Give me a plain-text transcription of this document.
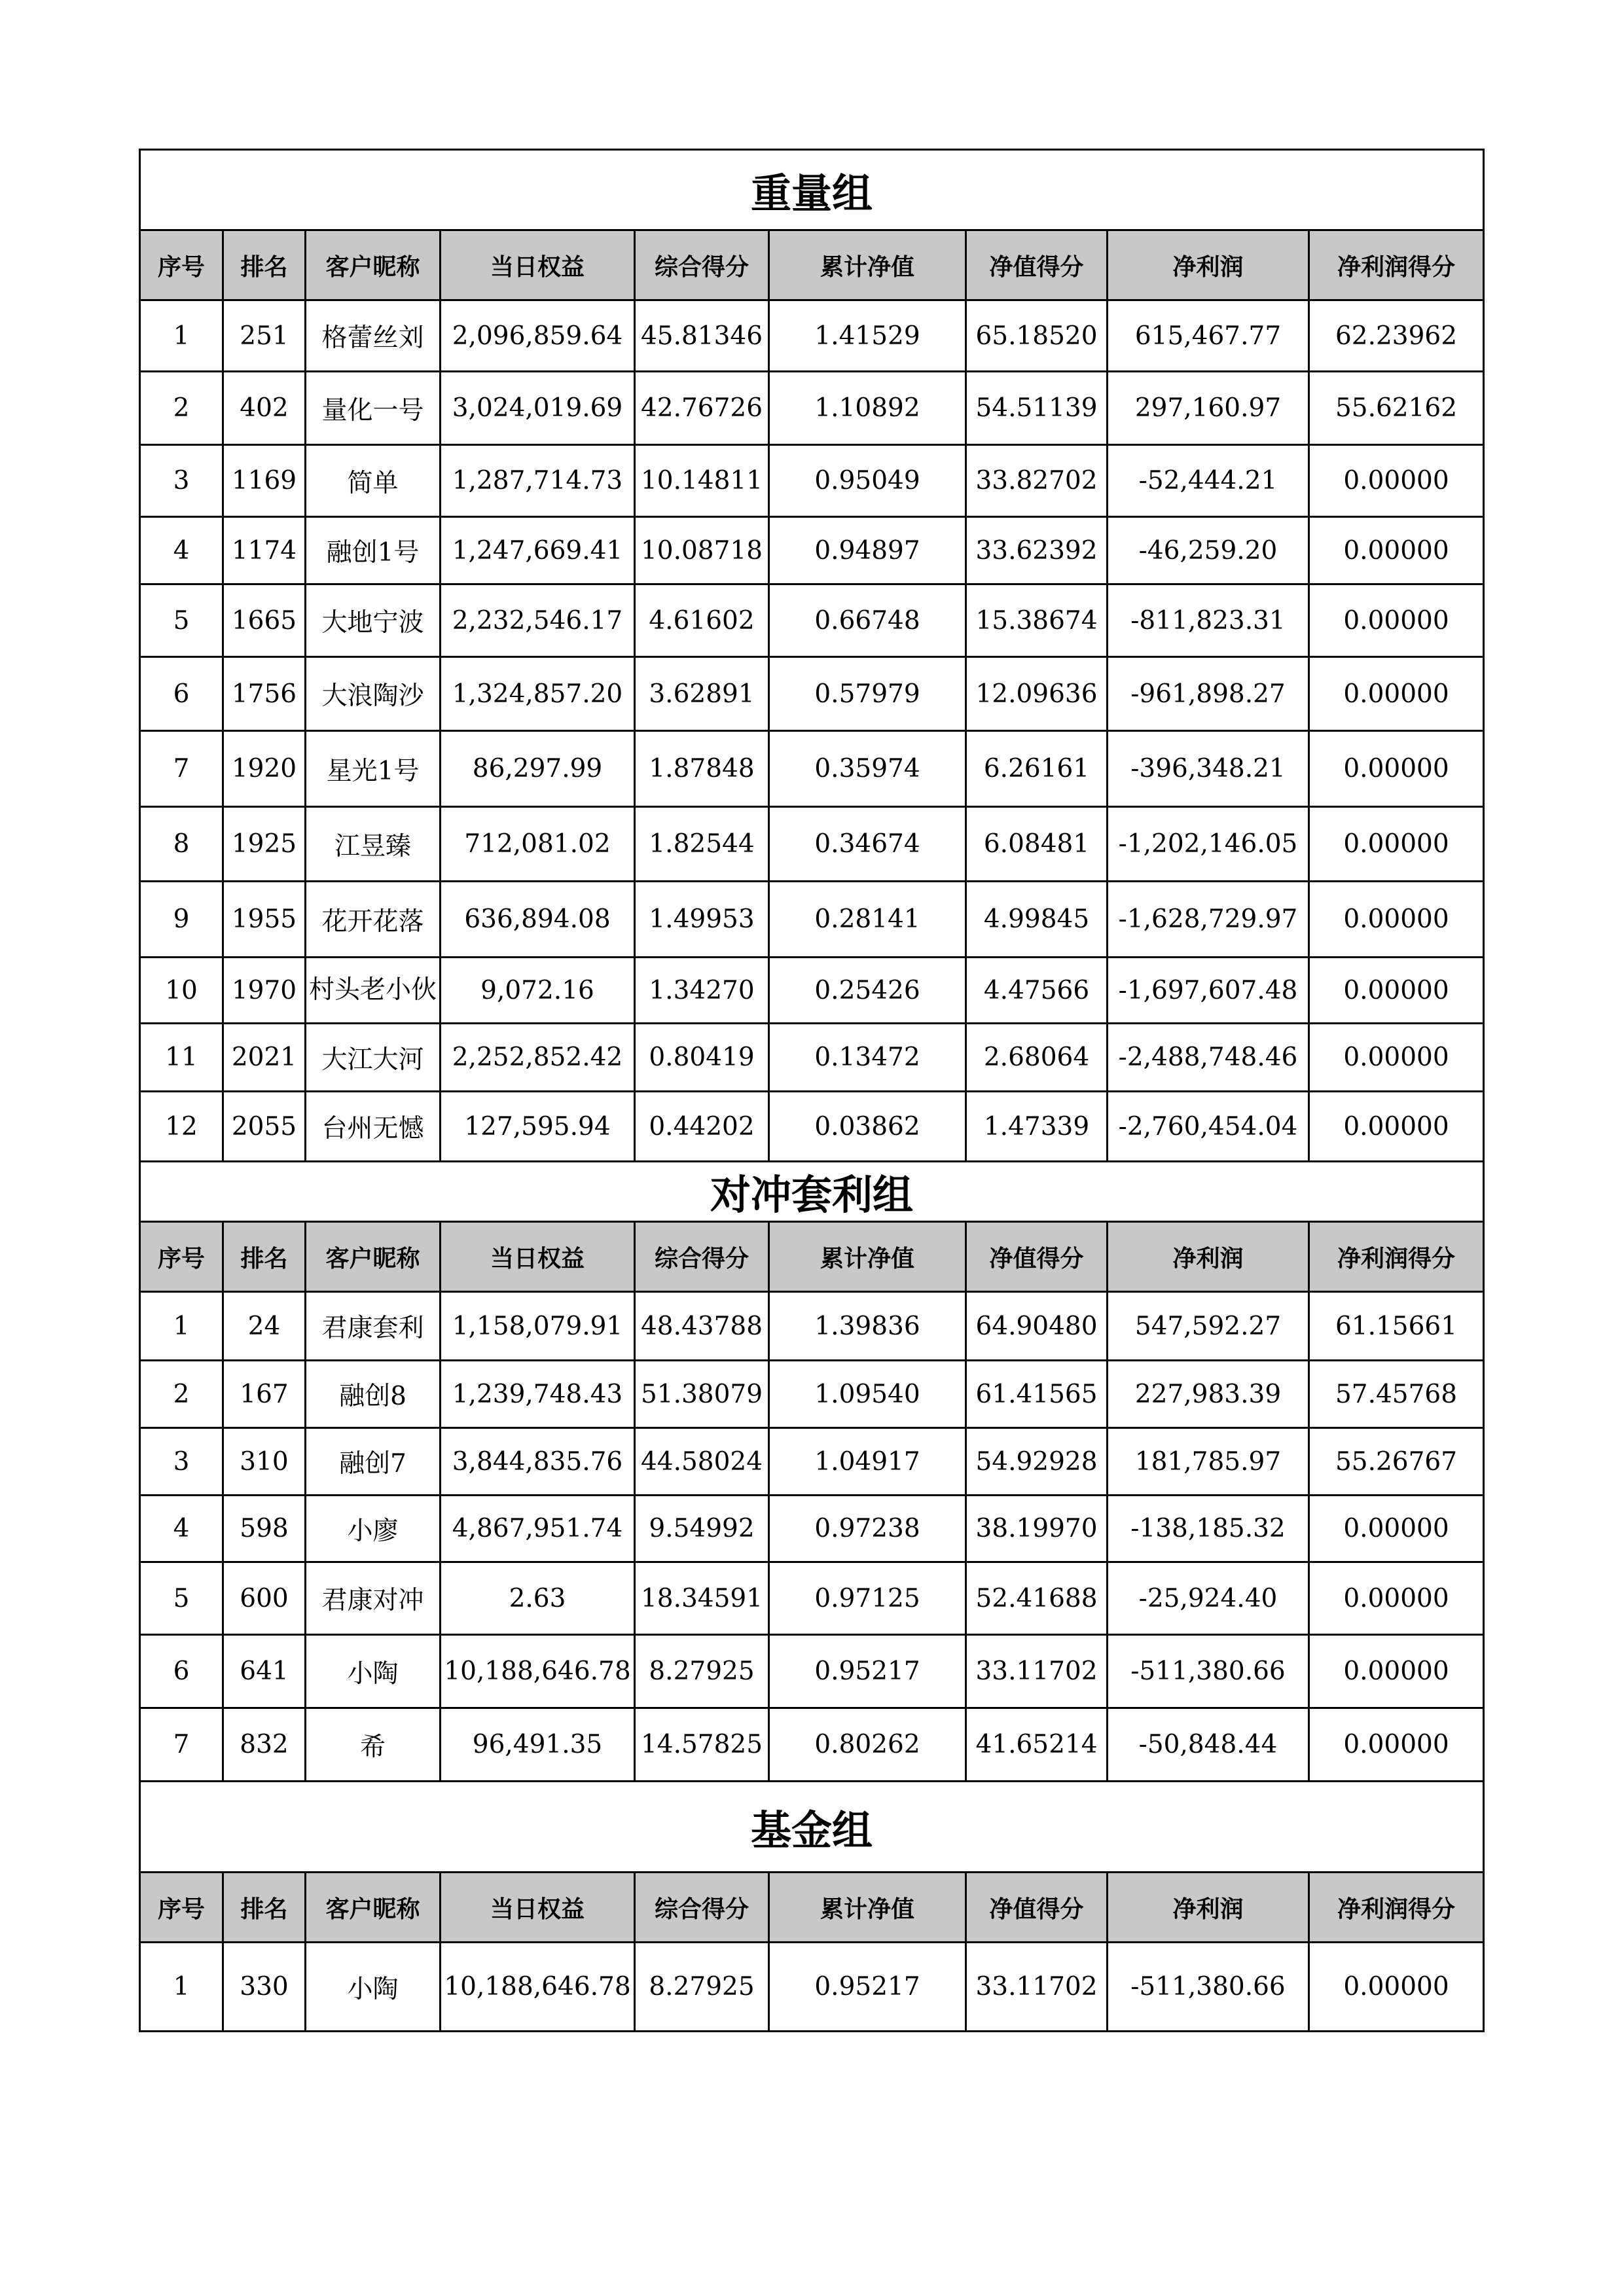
重量组								
序号	排名	客户昵称	当日权益	综合得分	累计净值	净值得分	净利润	净利润得分
1	251	格蕾丝刘	2,096,859.64	45.81346	1.41529	65.18520	615,467.77	62.23962
2	402	量化一号	3,024,019.69	42.76726	1.10892	54.51139	297,160.97	55.62162
3	1169	简单	1,287,714.73	10.14811	0.95049	33.82702	-52,444.21	0.00000
4	1174	融创1号	1,247,669.41	10.08718	0.94897	33.62392	-46,259.20	0.00000
5	1665	大地宁波	2,232,546.17	4.61602	0.66748	15.38674	-811,823.31	0.00000
6	1756	大浪陶沙	1,324,857.20	3.62891	0.57979	12.09636	-961,898.27	0.00000
7	1920	星光1号	86,297.99	1.87848	0.35974	6.26161	-396,348.21	0.00000
8	1925	江昱臻	712,081.02	1.82544	0.34674	6.08481	-1,202,146.05	0.00000
9	1955	花开花落	636,894.08	1.49953	0.28141	4.99845	-1,628,729.97	0.00000
10	1970	村头老小伙	9,072.16	1.34270	0.25426	4.47566	-1,697,607.48	0.00000
11	2021	大江大河	2,252,852.42	0.80419	0.13472	2.68064	-2,488,748.46	0.00000
12	2055	台州无憾	127,595.94	0.44202	0.03862	1.47339	-2,760,454.04	0.00000
对冲套利组								
序号	排名	客户昵称	当日权益	综合得分	累计净值	净值得分	净利润	净利润得分
1	24	君康套利	1,158,079.91	48.43788	1.39836	64.90480	547,592.27	61.15661
2	167	融创8	1,239,748.43	51.38079	1.09540	61.41565	227,983.39	57.45768
3	310	融创7	3,844,835.76	44.58024	1.04917	54.92928	181,785.97	55.26767
4	598	小廖	4,867,951.74	9.54992	0.97238	38.19970	-138,185.32	0.00000
5	600	君康对冲	2.63	18.34591	0.97125	52.41688	-25,924.40	0.00000
6	641	小陶	10,188,646.78	8.27925	0.95217	33.11702	-511,380.66	0.00000
7	832	希	96,491.35	14.57825	0.80262	41.65214	-50,848.44	0.00000
基金组								
序号	排名	客户昵称	当日权益	综合得分	累计净值	净值得分	净利润	净利润得分
1	330	小陶	10,188,646.78	8.27925	0.95217	33.11702	-511,380.66	0.00000
